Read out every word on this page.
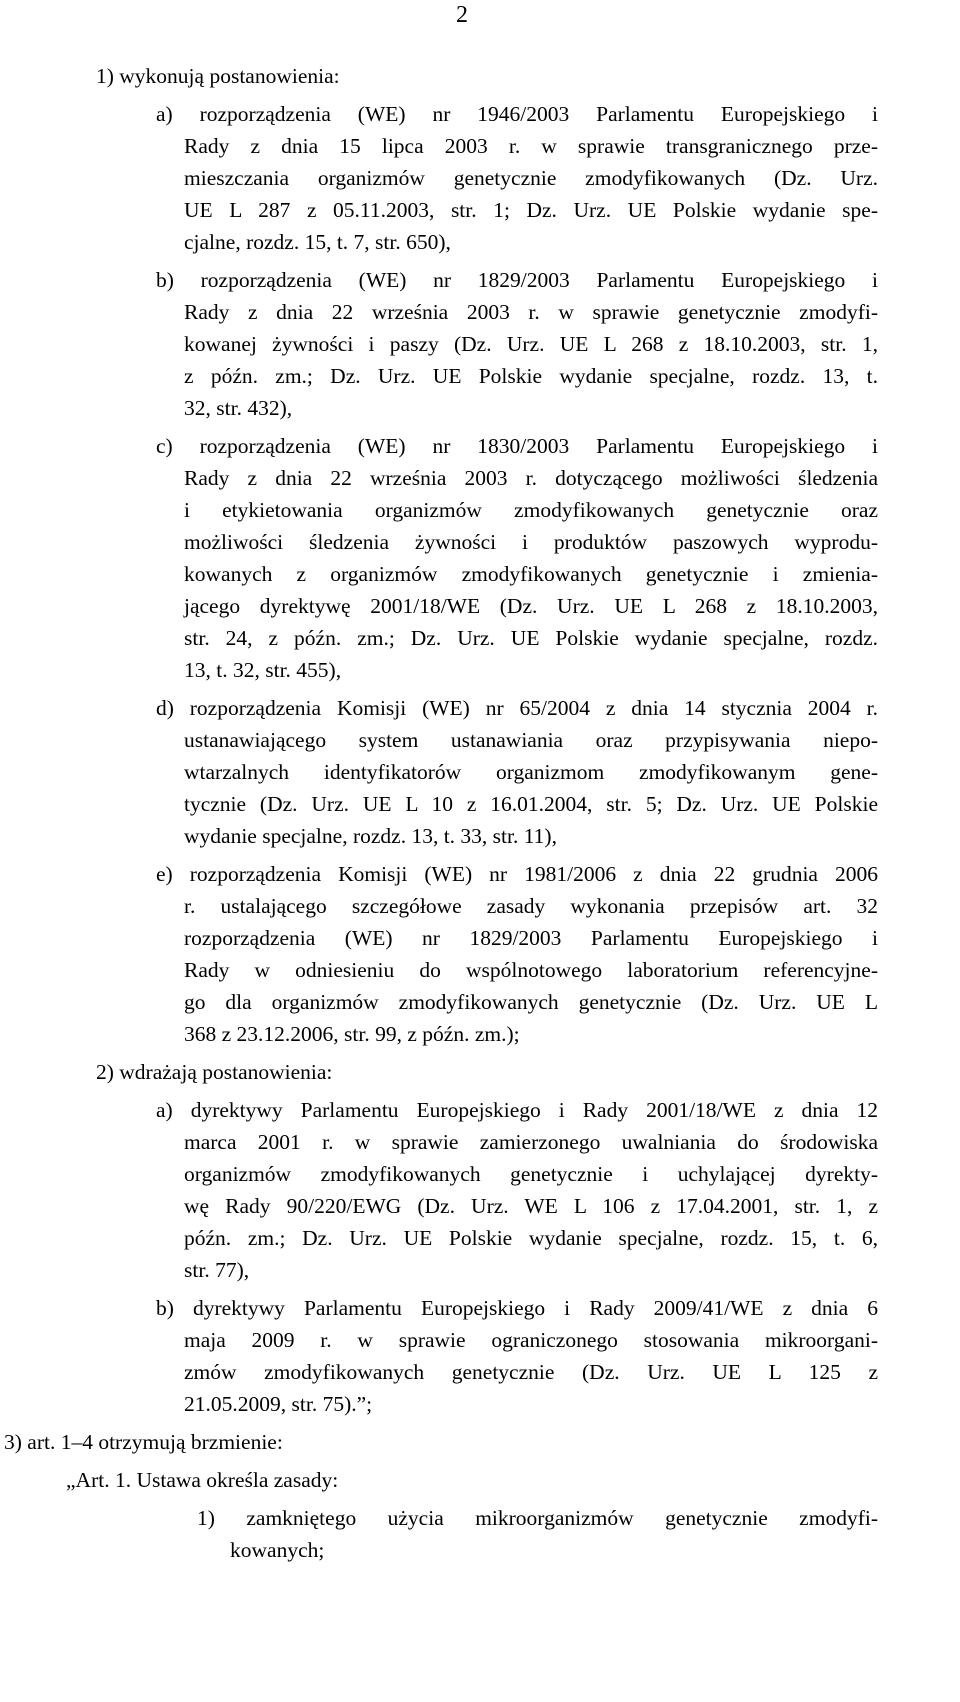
2
1) wykonują postanowienia:
a) rozporządzenia (WE) nr 1946/2003 Parlamentu Europejskiego i
Rady z dnia 15 lipca 2003 r. w sprawie transgranicznego prze-
mieszczania organizmów genetycznie zmodyfikowanych (Dz. Urz.
UE L 287 z 05.11.2003, str. 1; Dz. Urz. UE Polskie wydanie spe-
cjalne, rozdz. 15, t. 7, str. 650),
b) rozporządzenia (WE) nr 1829/2003 Parlamentu Europejskiego i
Rady z dnia 22 września 2003 r. w sprawie genetycznie zmodyfi-
kowanej żywności i paszy (Dz. Urz. UE L 268 z 18.10.2003, str. 1,
z późn. zm.; Dz. Urz. UE Polskie wydanie specjalne, rozdz. 13, t.
32, str. 432),
c) rozporządzenia (WE) nr 1830/2003 Parlamentu Europejskiego i
Rady z dnia 22 września 2003 r. dotyczącego możliwości śledzenia
i etykietowania organizmów zmodyfikowanych genetycznie oraz
możliwości śledzenia żywności i produktów paszowych wyprodu-
kowanych z organizmów zmodyfikowanych genetycznie i zmienia-
jącego dyrektywę 2001/18/WE (Dz. Urz. UE L 268 z 18.10.2003,
str. 24, z późn. zm.; Dz. Urz. UE Polskie wydanie specjalne, rozdz.
13, t. 32, str. 455),
d) rozporządzenia Komisji (WE) nr 65/2004 z dnia 14 stycznia 2004 r.
ustanawiającego system ustanawiania oraz przypisywania niepo-
wtarzalnych identyfikatorów organizmom zmodyfikowanym gene-
tycznie (Dz. Urz. UE L 10 z 16.01.2004, str. 5; Dz. Urz. UE Polskie
wydanie specjalne, rozdz. 13, t. 33, str. 11),
e) rozporządzenia Komisji (WE) nr 1981/2006 z dnia 22 grudnia 2006
r. ustalającego szczegółowe zasady wykonania przepisów art. 32
rozporządzenia (WE) nr 1829/2003 Parlamentu Europejskiego i
Rady w odniesieniu do wspólnotowego laboratorium referencyjne-
go dla organizmów zmodyfikowanych genetycznie (Dz. Urz. UE L
368 z 23.12.2006, str. 99, z późn. zm.);
2) wdrażają postanowienia:
a) dyrektywy Parlamentu Europejskiego i Rady 2001/18/WE z dnia 12
marca 2001 r. w sprawie zamierzonego uwalniania do środowiska
organizmów zmodyfikowanych genetycznie i uchylającej dyrekty-
wę Rady 90/220/EWG (Dz. Urz. WE L 106 z 17.04.2001, str. 1, z
późn. zm.; Dz. Urz. UE Polskie wydanie specjalne, rozdz. 15, t. 6,
str. 77),
b) dyrektywy Parlamentu Europejskiego i Rady 2009/41/WE z dnia 6
maja 2009 r. w sprawie ograniczonego stosowania mikroorgani-
zmów zmodyfikowanych genetycznie (Dz. Urz. UE L 125 z
21.05.2009, str. 75).”;
3) art. 1–4 otrzymują brzmienie:
„Art. 1. Ustawa określa zasady:
1) zamkniętego użycia mikroorganizmów genetycznie zmodyfi-
kowanych;
